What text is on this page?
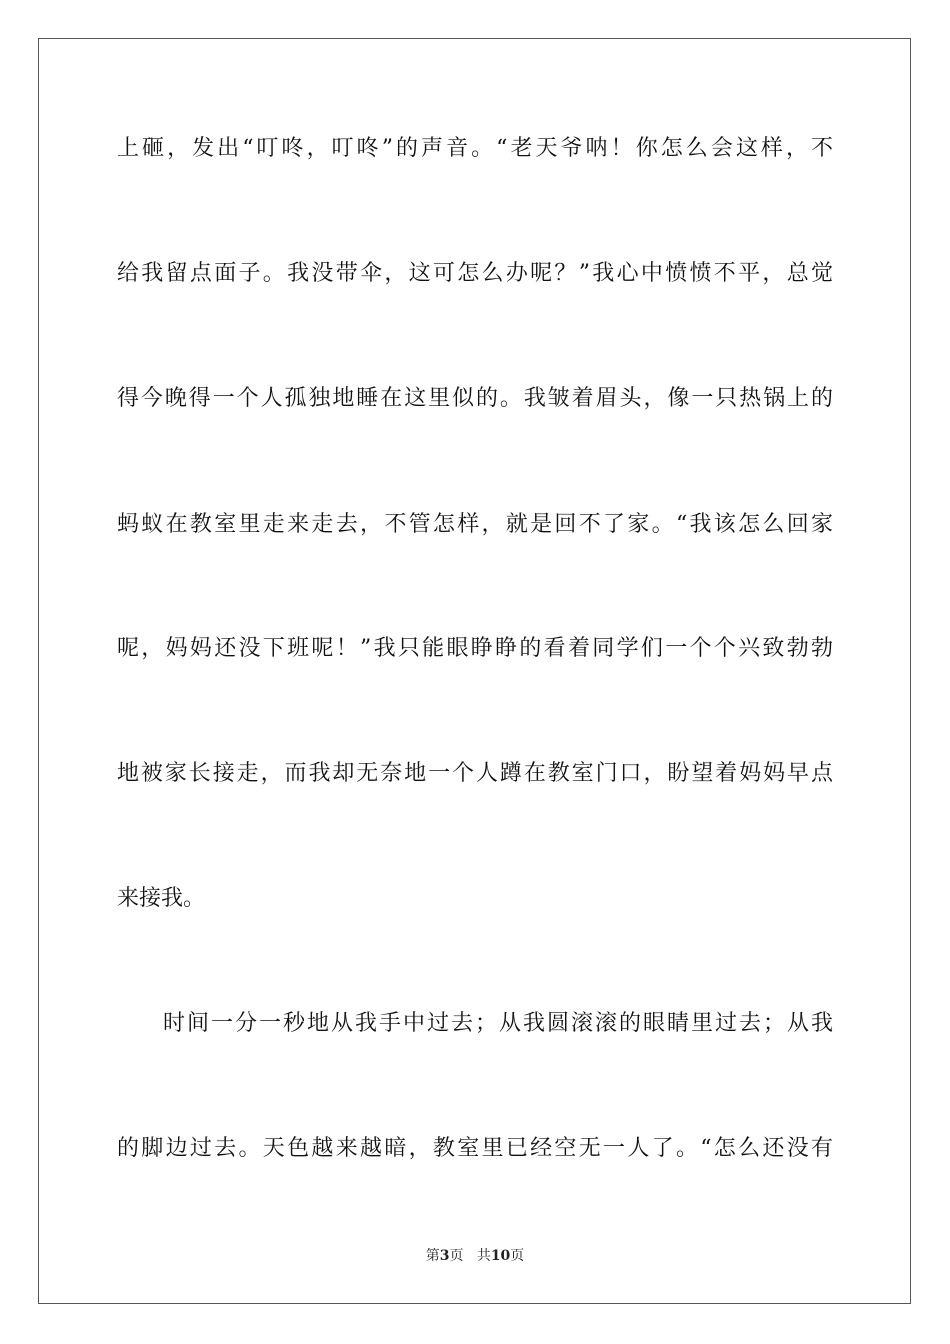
上砸，发出“叮咚，叮咚”的声音。“老天爷呐！你怎么会这样，不
给我留点面子。我没带伞，这可怎么办呢？”我心中愤愤不平，总觉
得今晚得一个人孤独地睡在这里似的。我皱着眉头，像一只热锅上的
蚂蚁在教室里走来走去，不管怎样，就是回不了家。“我该怎么回家
呢，妈妈还没下班呢！”我只能眼睁睁的看着同学们一个个兴致勃勃
地被家长接走，而我却无奈地一个人蹲在教室门口，盼望着妈妈早点
来接我。
时间一分一秒地从我手中过去；从我圆滚滚的眼睛里过去；从我
的脚边过去。天色越来越暗，教室里已经空无一人了。“怎么还没有
第3页 共10页
